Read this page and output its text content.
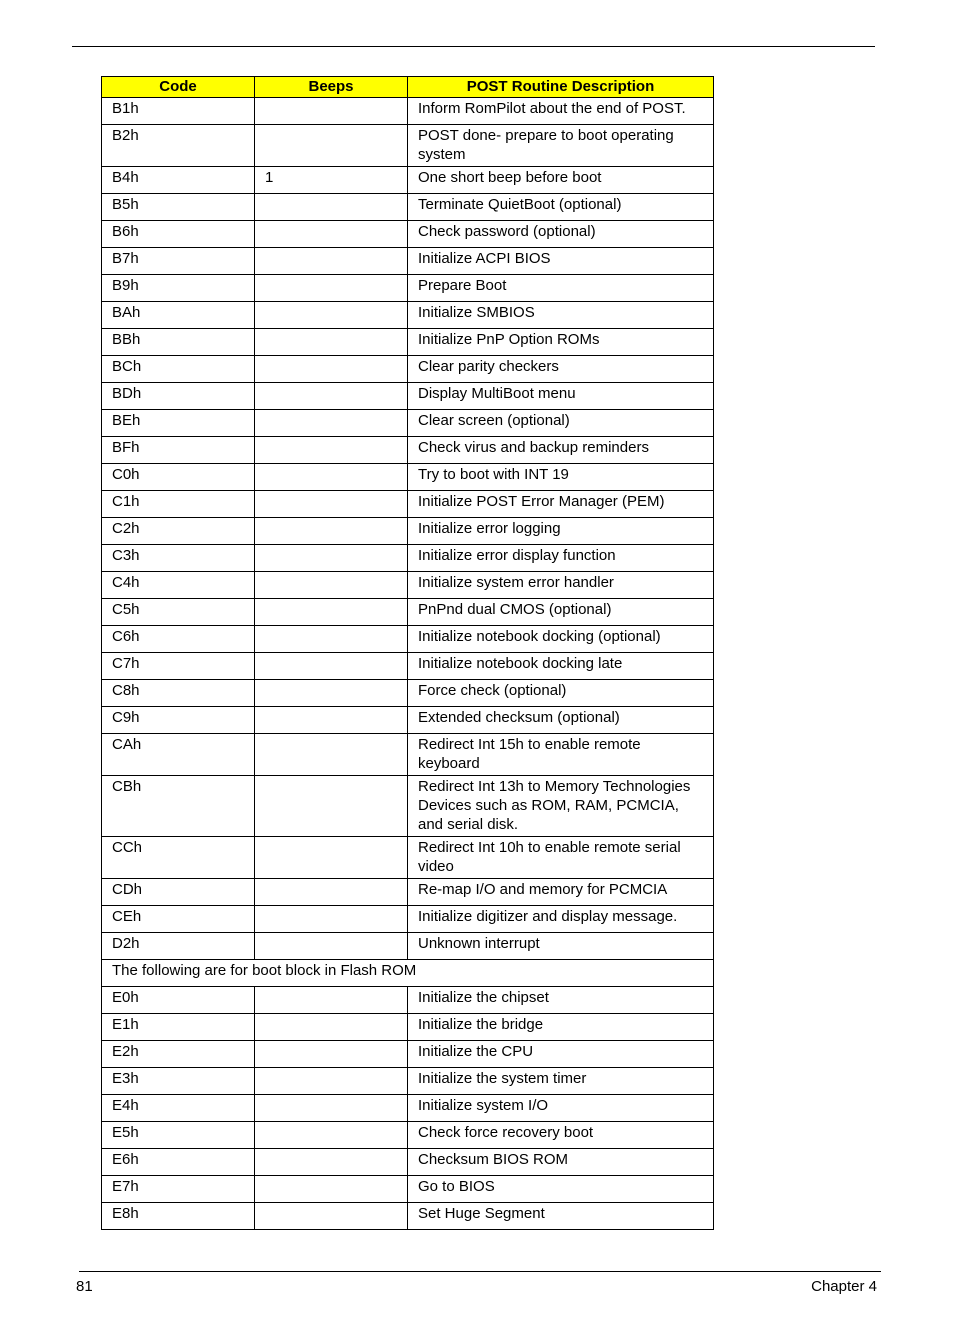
Code	Beeps	POST Routine Description
B1h		Inform RomPilot about the end of POST.
B2h		POST done- prepare to boot operating system
B4h	1	One short beep before boot
B5h		Terminate QuietBoot (optional)
B6h		Check password (optional)
B7h		Initialize ACPI BIOS
B9h		Prepare Boot
BAh		Initialize SMBIOS
BBh		Initialize PnP Option ROMs
BCh		Clear parity checkers
BDh		Display MultiBoot menu
BEh		Clear screen (optional)
BFh		Check virus and backup reminders
C0h		Try to boot with INT 19
C1h		Initialize POST Error Manager (PEM)
C2h		Initialize error logging
C3h		Initialize error display function
C4h		Initialize system error handler
C5h		PnPnd dual CMOS (optional)
C6h		Initialize notebook docking (optional)
C7h		Initialize notebook docking late
C8h		Force check (optional)
C9h		Extended checksum (optional)
CAh		Redirect Int 15h to enable remote keyboard
CBh		Redirect Int 13h to Memory Technologies Devices such as ROM, RAM, PCMCIA, and serial disk.
CCh		Redirect Int 10h to enable remote serial video
CDh		Re-map I/O and memory for PCMCIA
CEh		Initialize digitizer and display message.
D2h		Unknown interrupt
The following are for boot block in Flash ROM		
E0h		Initialize the chipset
E1h		Initialize the bridge
E2h		Initialize the CPU
E3h		Initialize the system timer
E4h		Initialize system I/O
E5h		Check force recovery boot
E6h		Checksum BIOS ROM
E7h		Go to BIOS
E8h		Set Huge Segment
81	Chapter 4
